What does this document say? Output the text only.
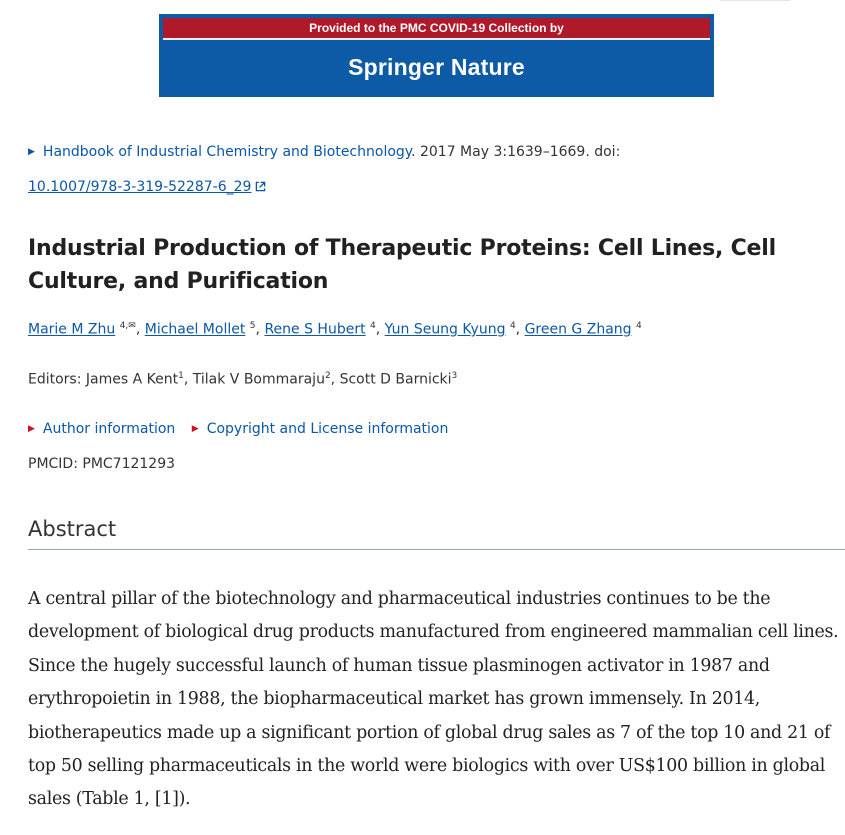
Provided to the PMC COVID-19 Collection by
Springer Nature
▶ Handbook of Industrial Chemistry and Biotechnology. 2017 May 3:1639–1669. doi:
10.1007/978-3-319-52287-6_29
Industrial Production of Therapeutic Proteins: Cell Lines, Cell Culture, and Purification
Marie M Zhu $^{4,✉}$, Michael Mollet $^5$, Rene S Hubert $^4$, Yun Seung Kyung $^4$, Green G Zhang $^4$
Editors: James A Kent$^1$, Tilak V Bommaraju$^2$, Scott D Barnicki$^3$
▶ Author information ▶ Copyright and License information
PMCID: PMC7121293
Abstract

A central pillar of the biotechnology and pharmaceutical industries continues to be the development of biological drug products manufactured from engineered mammalian cell lines. Since the hugely successful launch of human tissue plasminogen activator in 1987 and erythropoietin in 1988, the biopharmaceutical market has grown immensely. In 2014, biotherapeutics made up a significant portion of global drug sales as 7 of the top 10 and 21 of top 50 selling pharmaceuticals in the world were biologics with over US$100 billion in global sales (Table 1, [1]).
